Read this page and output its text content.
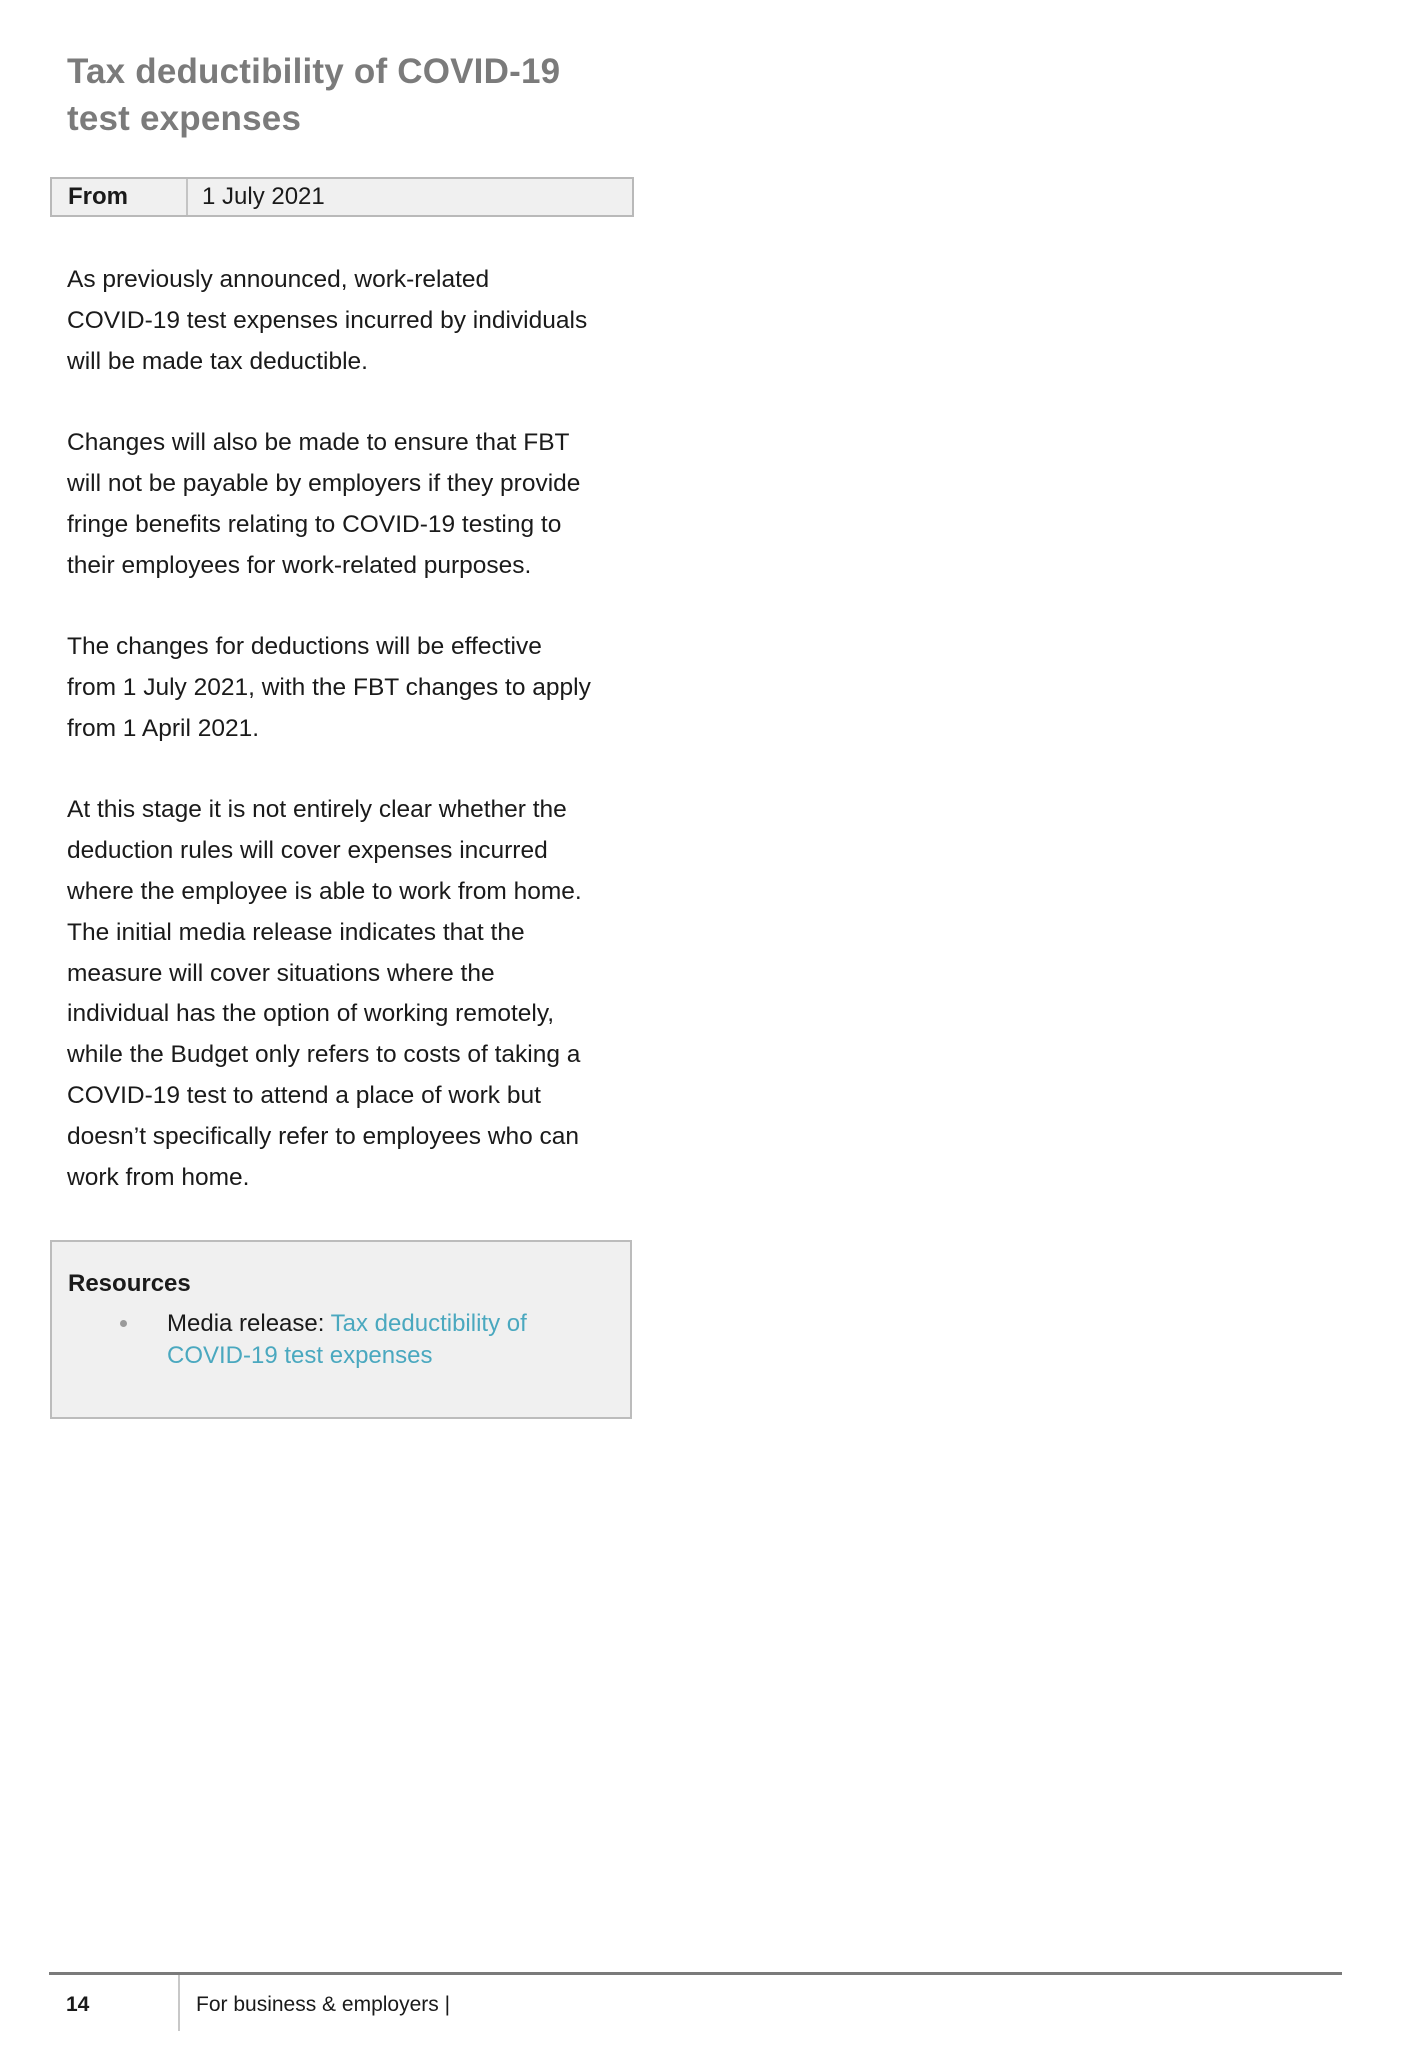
Tax deductibility of COVID-19
test expenses
From	1 July 2021

As previously announced, work-related
COVID-19 test expenses incurred by individuals
will be made tax deductible.

Changes will also be made to ensure that FBT
will not be payable by employers if they provide
fringe benefits relating to COVID-19 testing to
their employees for work-related purposes.

The changes for deductions will be effective
from 1 July 2021, with the FBT changes to apply
from 1 April 2021.

At this stage it is not entirely clear whether the
deduction rules will cover expenses incurred
where the employee is able to work from home.
The initial media release indicates that the
measure will cover situations where the
individual has the option of working remotely,
while the Budget only refers to costs of taking a
COVID-19 test to attend a place of work but
doesn’t specifically refer to employees who can
work from home.

Resources
Media release: Tax deductibility of
COVID-19 test expenses
14	For business & employers |
